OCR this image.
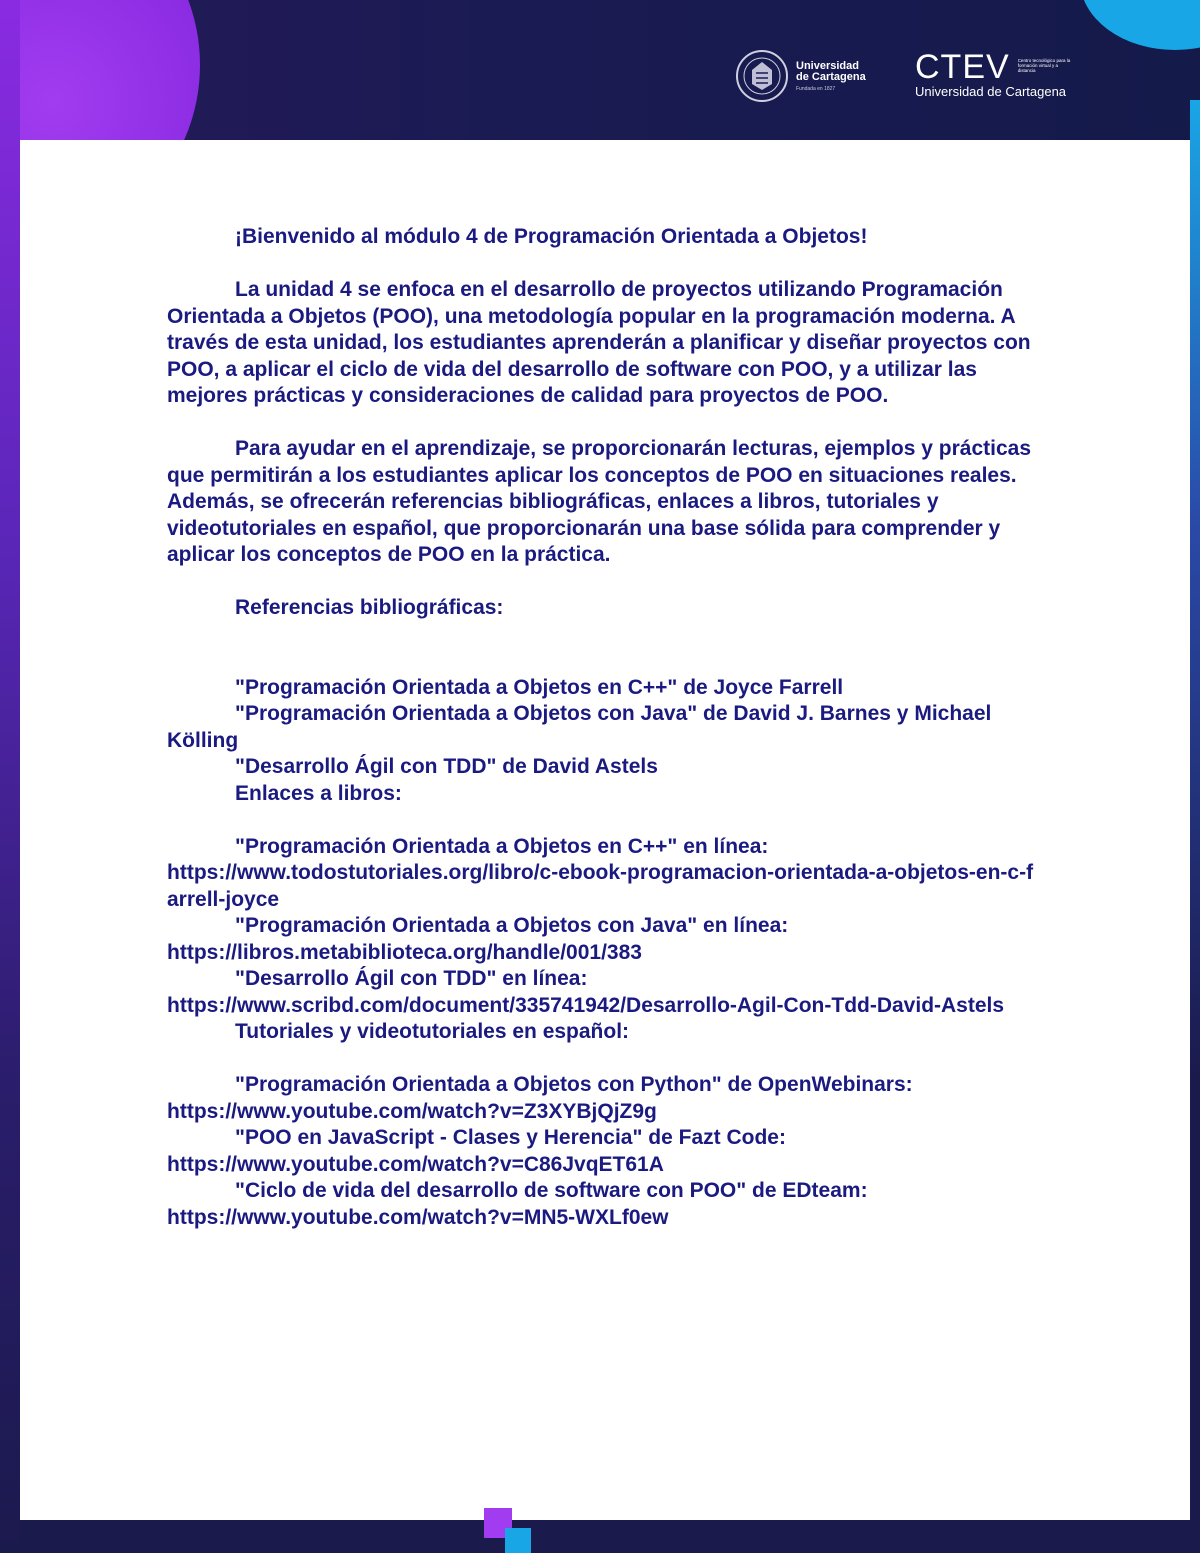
Universidad
de Cartagena
Fundada en 1827
CTEV Centro tecnológico para la formación virtual y a distancia
Universidad de Cartagena

¡Bienvenido al módulo 4 de Programación Orientada a Objetos!

La unidad 4 se enfoca en el desarrollo de proyectos utilizando Programación Orientada a Objetos (POO), una metodología popular en la programación moderna. A través de esta unidad, los estudiantes aprenderán a planificar y diseñar proyectos con POO, a aplicar el ciclo de vida del desarrollo de software con POO, y a utilizar las mejores prácticas y consideraciones de calidad para proyectos de POO.

Para ayudar en el aprendizaje, se proporcionarán lecturas, ejemplos y prácticas que permitirán a los estudiantes aplicar los conceptos de POO en situaciones reales. Además, se ofrecerán referencias bibliográficas, enlaces a libros, tutoriales y videotutoriales en español, que proporcionarán una base sólida para comprender y aplicar los conceptos de POO en la práctica.

Referencias bibliográficas:

"Programación Orientada a Objetos en C++" de Joyce Farrell

"Programación Orientada a Objetos con Java" de David J. Barnes y Michael Kölling

"Desarrollo Ágil con TDD" de David Astels

Enlaces a libros:

"Programación Orientada a Objetos en C++" en línea:

https://www.todostutoriales.org/libro/c-ebook-programacion-orientada-a-objetos-en-c-farrell-joyce

"Programación Orientada a Objetos con Java" en línea:

https://libros.metabiblioteca.org/handle/001/383

"Desarrollo Ágil con TDD" en línea:

https://www.scribd.com/document/335741942/Desarrollo-Agil-Con-Tdd-David-Astels

Tutoriales y videotutoriales en español:

"Programación Orientada a Objetos con Python" de OpenWebinars:

https://www.youtube.com/watch?v=Z3XYBjQjZ9g

"POO en JavaScript - Clases y Herencia" de Fazt Code:

https://www.youtube.com/watch?v=C86JvqET61A

"Ciclo de vida del desarrollo de software con POO" de EDteam:

https://www.youtube.com/watch?v=MN5-WXLf0ew
